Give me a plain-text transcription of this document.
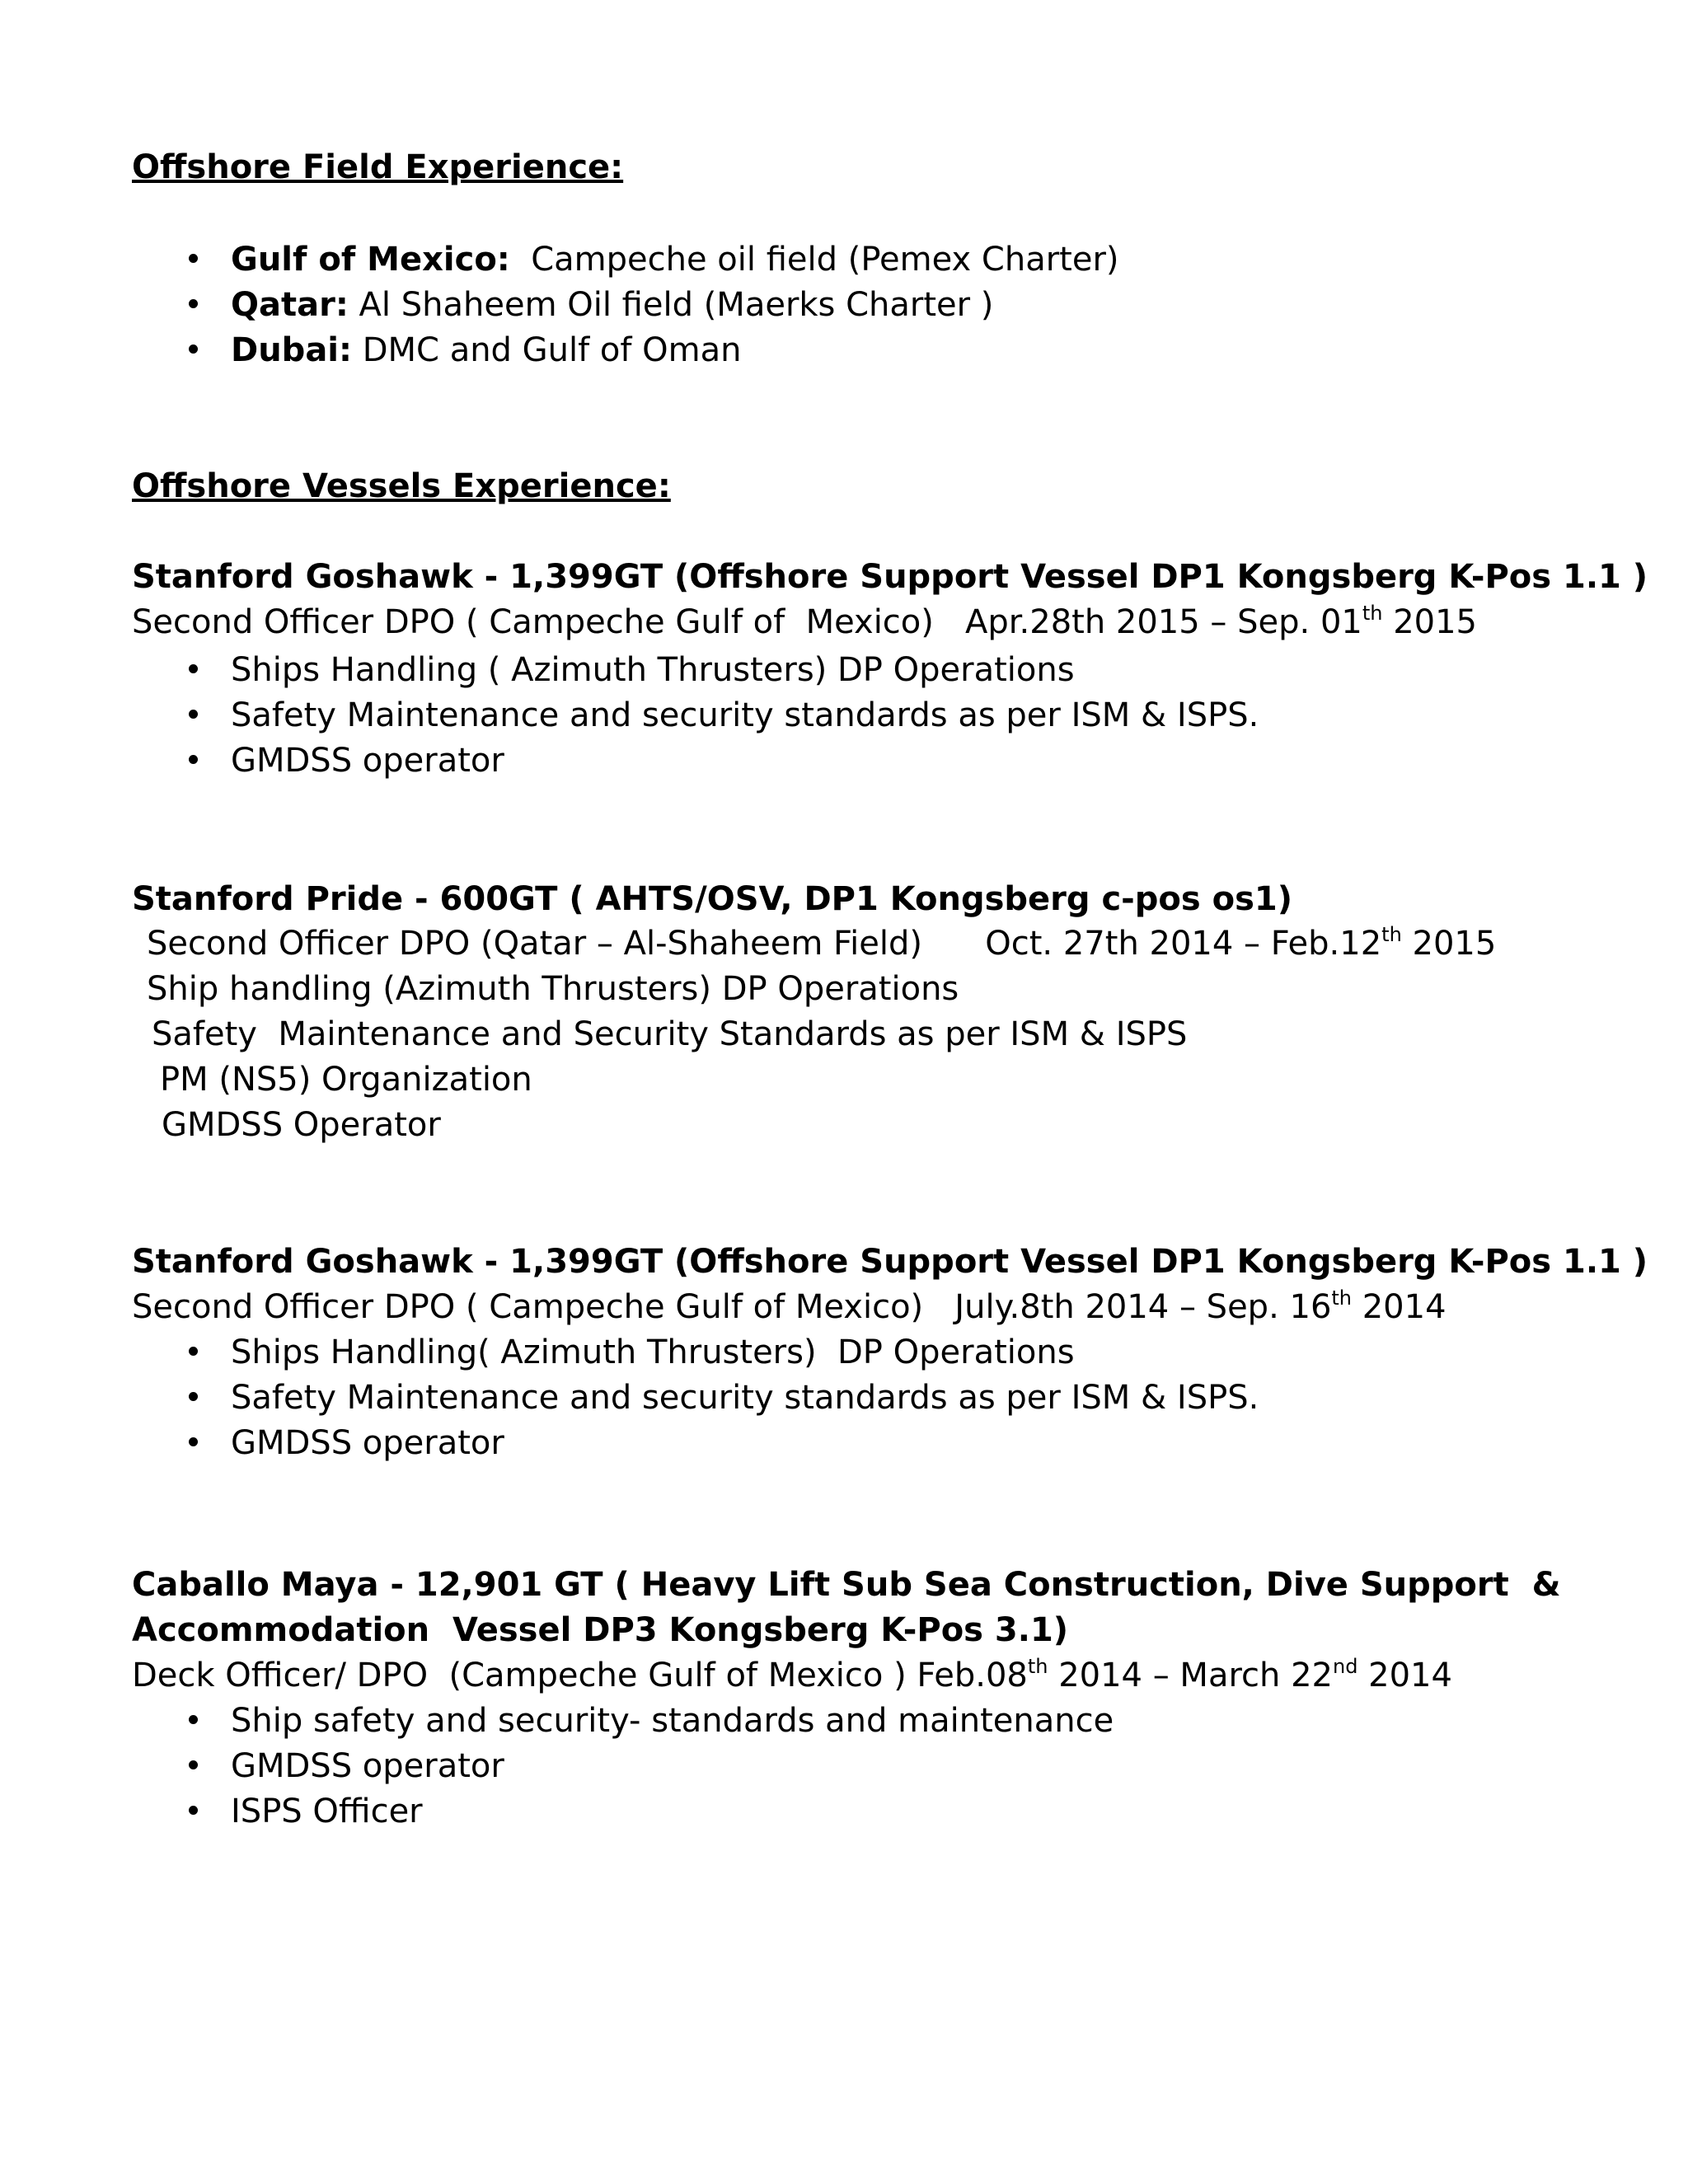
Offshore Field Experience:
Gulf of Mexico:  Campeche oil field (Pemex Charter)
Qatar: Al Shaheem Oil field (Maerks Charter )
Dubai: DMC and Gulf of Oman
Offshore Vessels Experience:
Stanford Goshawk - 1,399GT (Offshore Support Vessel DP1 Kongsberg K-Pos 1.1 )
Second Officer DPO ( Campeche Gulf of  Mexico)   Apr.28th 2015 – Sep. 01th 2015
Ships Handling ( Azimuth Thrusters) DP Operations
Safety Maintenance and security standards as per ISM & ISPS.
GMDSS operator
Stanford Pride - 600GT ( AHTS/OSV, DP1 Kongsberg c-pos os1)
Second Officer DPO (Qatar – Al-Shaheem Field)      Oct. 27th 2014 – Feb.12th 2015
Ship handling (Azimuth Thrusters) DP Operations
Safety  Maintenance and Security Standards as per ISM & ISPS
PM (NS5) Organization
GMDSS Operator
Stanford Goshawk - 1,399GT (Offshore Support Vessel DP1 Kongsberg K-Pos 1.1 )
Second Officer DPO ( Campeche Gulf of Mexico)   July.8th 2014 – Sep. 16th 2014
Ships Handling( Azimuth Thrusters)  DP Operations
Safety Maintenance and security standards as per ISM & ISPS.
GMDSS operator
Caballo Maya - 12,901 GT ( Heavy Lift Sub Sea Construction, Dive Support  &
Accommodation  Vessel DP3 Kongsberg K-Pos 3.1)
Deck Officer/ DPO  (Campeche Gulf of Mexico ) Feb.08th 2014 – March 22nd 2014
Ship safety and security- standards and maintenance
GMDSS operator
ISPS Officer
